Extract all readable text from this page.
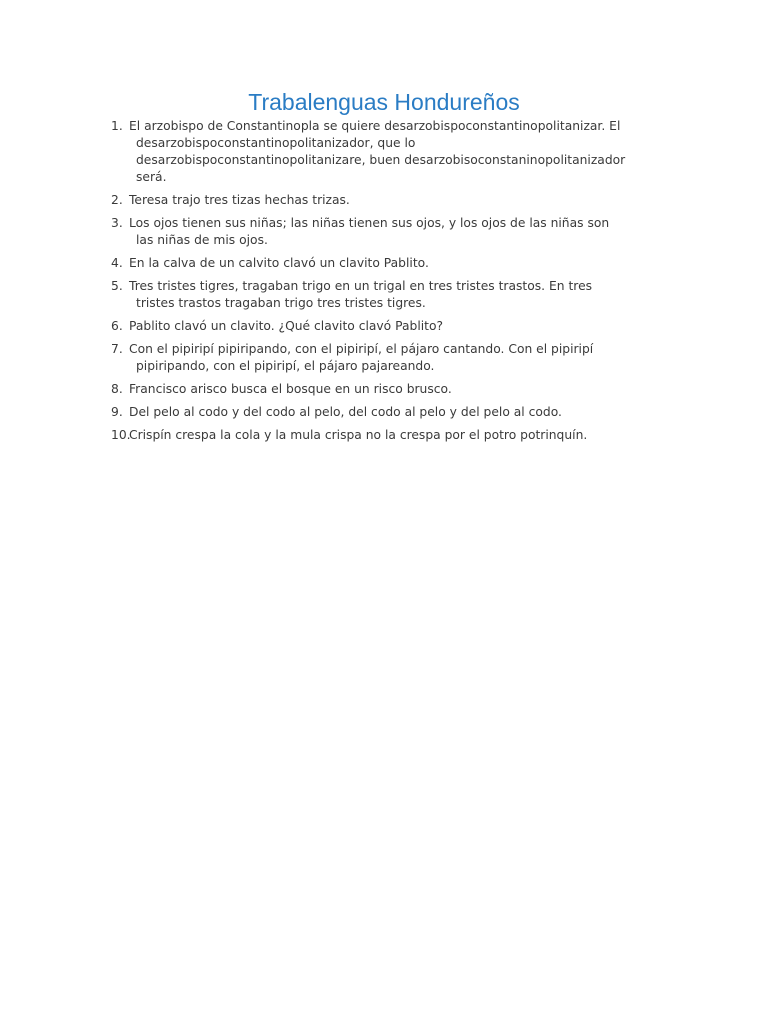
Trabalenguas Hondureños
1. El arzobispo de Constantinopla se quiere desarzobispoconstantinopolitanizar. El
desarzobispoconstantinopolitanizador, que lo
desarzobispoconstantinopolitanizare, buen desarzobisoconstaninopolitanizador
será.
2. Teresa trajo tres tizas hechas trizas.
3. Los ojos tienen sus niñas; las niñas tienen sus ojos, y los ojos de las niñas son
las niñas de mis ojos.
4. En la calva de un calvito clavó un clavito Pablito.
5. Tres tristes tigres, tragaban trigo en un trigal en tres tristes trastos. En tres
tristes trastos tragaban trigo tres tristes tigres.
6. Pablito clavó un clavito. ¿Qué clavito clavó Pablito?
7. Con el pipiripí pipiripando, con el pipiripí, el pájaro cantando. Con el pipiripí
pipiripando, con el pipiripí, el pájaro pajareando.
8. Francisco arisco busca el bosque en un risco brusco.
9. Del pelo al codo y del codo al pelo, del codo al pelo y del pelo al codo.
10.
Crispín crespa la cola y la mula crispa no la crespa por el potro potrinquín.
